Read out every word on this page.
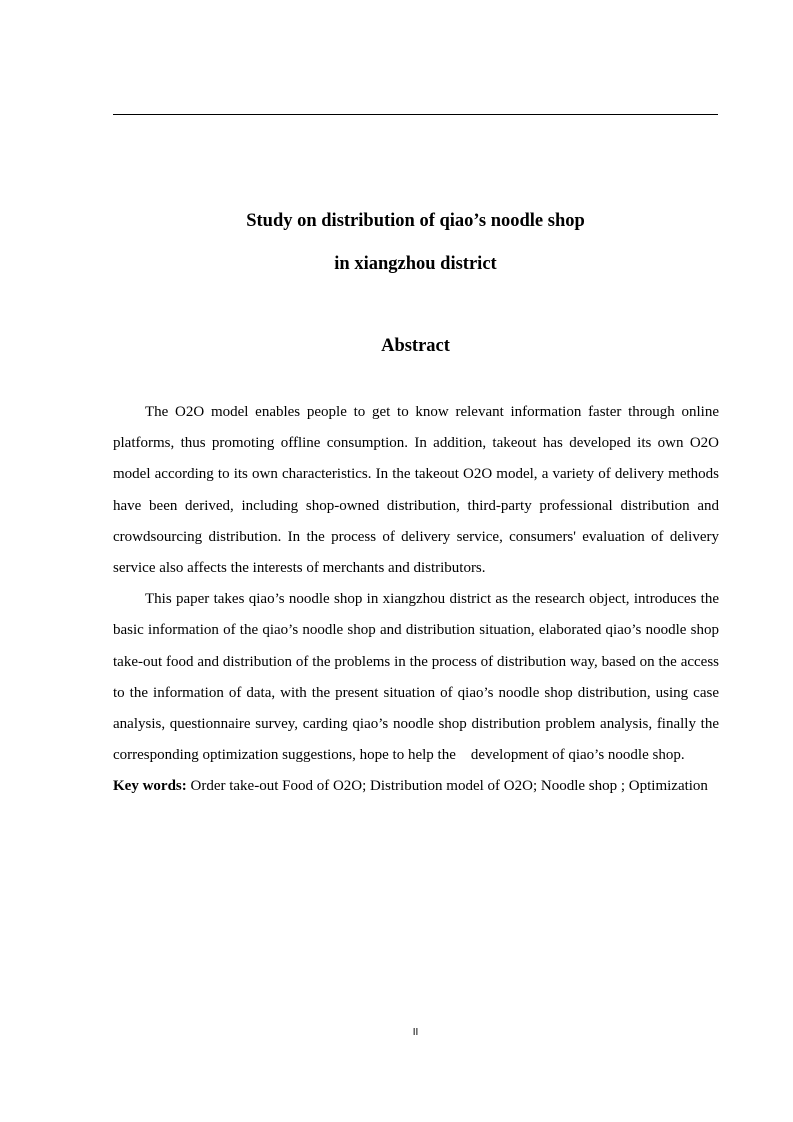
Study on distribution of qiao’s noodle shop
in xiangzhou district
Abstract

The O2O model enables people to get to know relevant information faster through online platforms, thus promoting offline consumption. In addition, takeout has developed its own O2O model according to its own characteristics. In the takeout O2O model, a variety of delivery methods have been derived, including shop-owned distribution, third-party professional distribution and crowdsourcing distribution. In the process of delivery service, consumers' evaluation of delivery service also affects the interests of merchants and distributors.

This paper takes qiao’s noodle shop in xiangzhou district as the research object, introduces the basic information of the qiao’s noodle shop and distribution situation, elaborated qiao’s noodle shop take-out food and distribution of the problems in the process of distribution way, based on the access to the information of data, with the present situation of qiao’s noodle shop distribution, using case analysis, questionnaire survey, carding qiao’s noodle shop distribution problem analysis, finally the corresponding optimization suggestions, hope to help the    development of qiao’s noodle shop.

Key words: Order take-out Food of O2O; Distribution model of O2O; Noodle shop ; Optimization

II
